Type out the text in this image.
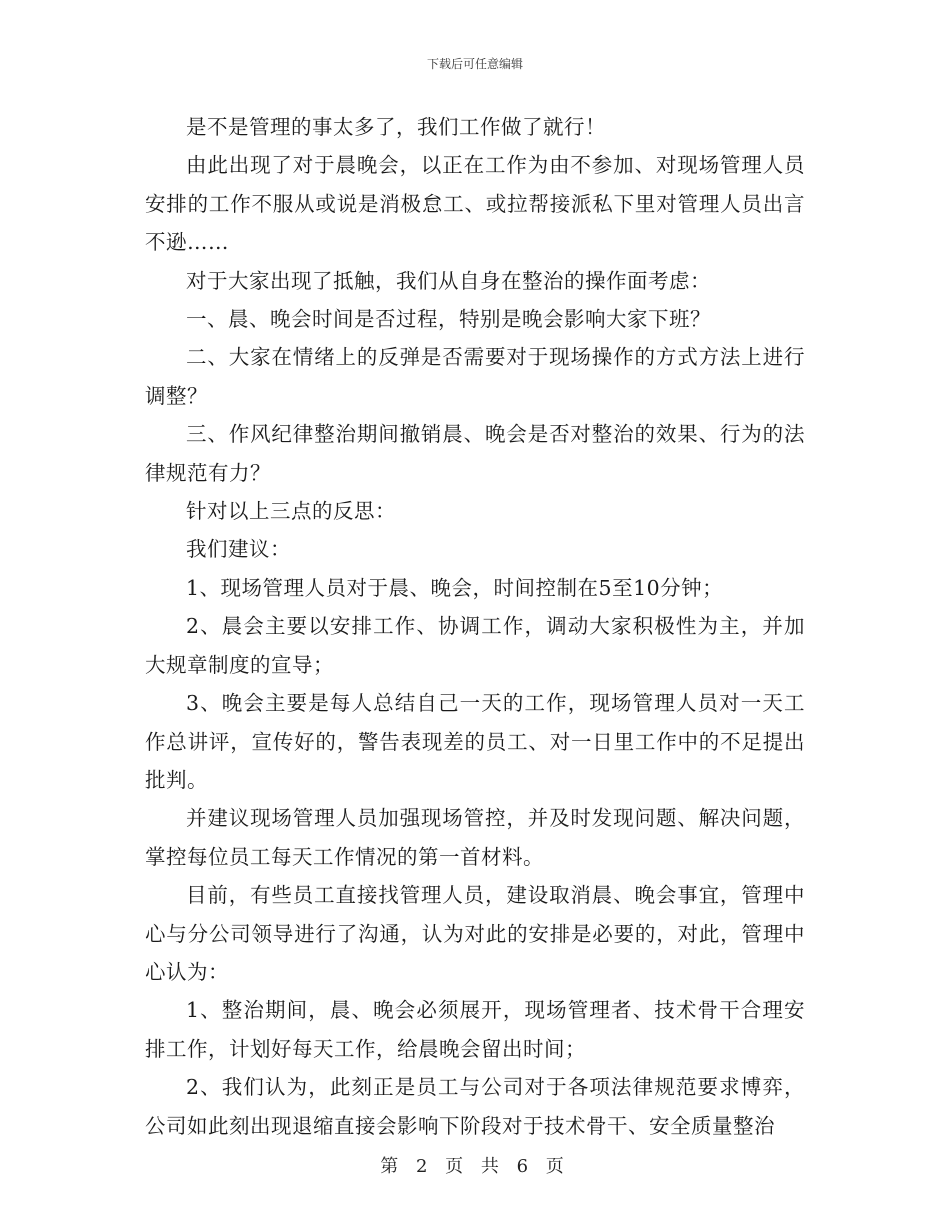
下载后可任意编辑

是不是管理的事太多了，我们工作做了就行！

由此出现了对于晨晚会，以正在工作为由不参加、对现场管理人员安排的工作不服从或说是消极怠工、或拉帮接派私下里对管理人员出言不逊……

对于大家出现了抵触，我们从自身在整治的操作面考虑：

一、晨、晚会时间是否过程，特别是晚会影响大家下班？

二、大家在情绪上的反弹是否需要对于现场操作的方式方法上进行调整？

三、作风纪律整治期间撤销晨、晚会是否对整治的效果、行为的法律规范有力？

针对以上三点的反思：

我们建议：

1、现场管理人员对于晨、晚会，时间控制在5至10分钟；

2、晨会主要以安排工作、协调工作，调动大家积极性为主，并加大规章制度的宣导；

3、晚会主要是每人总结自己一天的工作，现场管理人员对一天工作总讲评，宣传好的，警告表现差的员工、对一日里工作中的不足提出批判。

并建议现场管理人员加强现场管控，并及时发现问题、解决问题，掌控每位员工每天工作情况的第一首材料。

目前，有些员工直接找管理人员，建设取消晨、晚会事宜，管理中心与分公司领导进行了沟通，认为对此的安排是必要的，对此，管理中心认为：

1、整治期间，晨、晚会必须展开，现场管理者、技术骨干合理安排工作，计划好每天工作，给晨晚会留出时间；

2、我们认为，此刻正是员工与公司对于各项法律规范要求博弈，公司如此刻出现退缩直接会影响下阶段对于技术骨干、安全质量整治

第 2 页 共 6 页
